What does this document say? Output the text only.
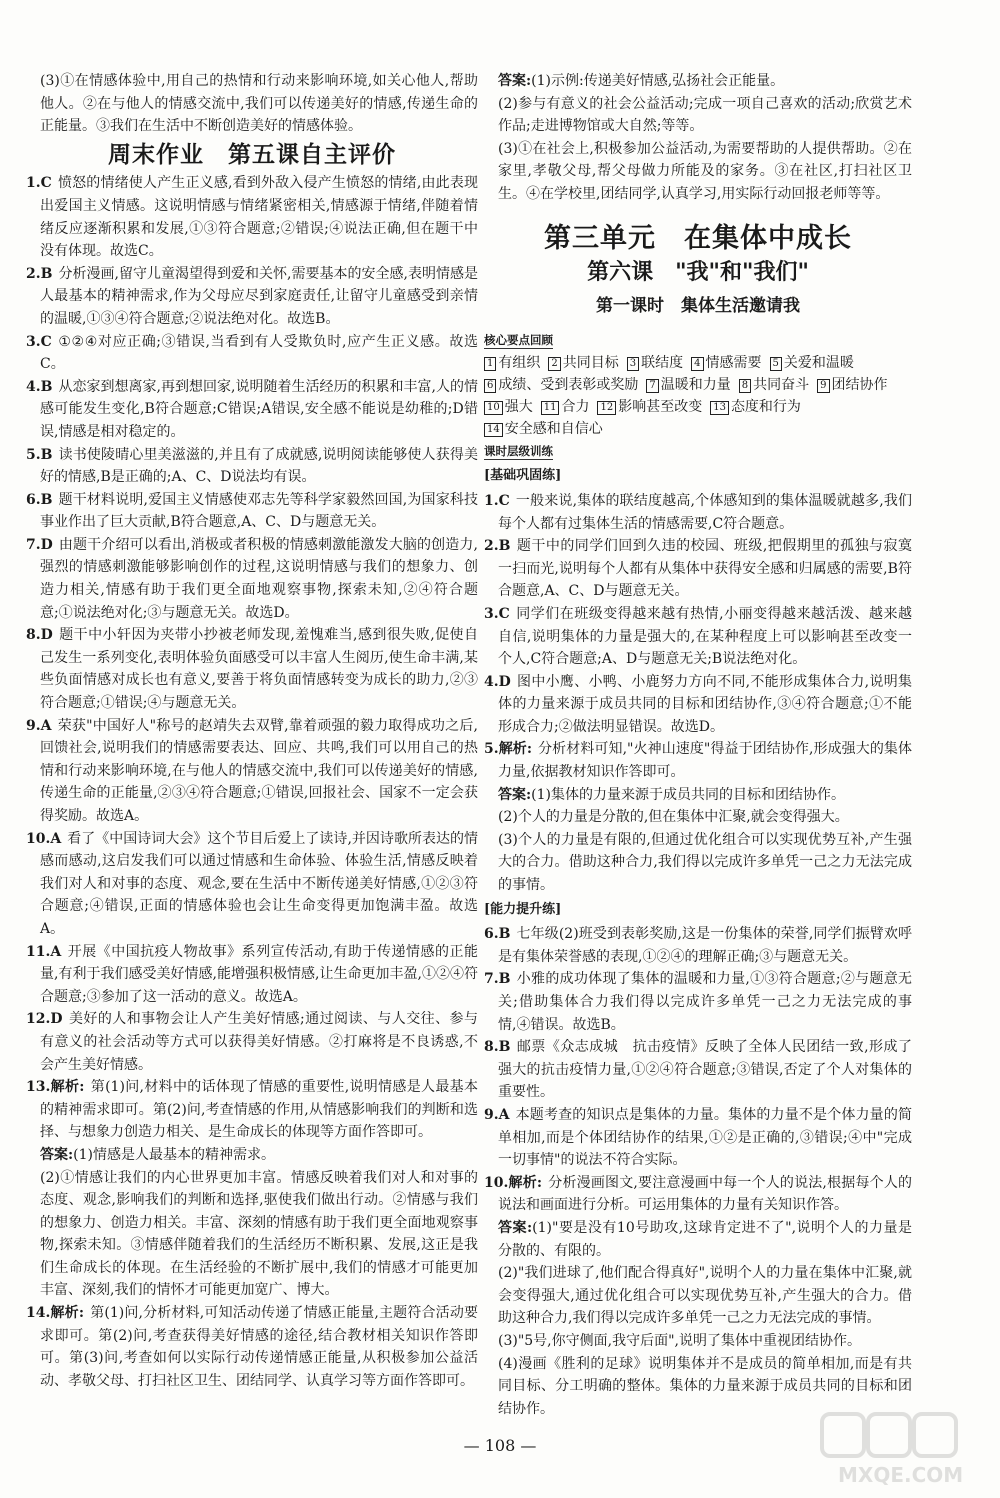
(3)①在情感体验中,用自己的热情和行动来影响环境,如关心他人,帮助他人。②在与他人的情感交流中,我们可以传递美好的情感,传递生命的正能量。③我们在生活中不断创造美好的情感体验。

周末作业　第五课自主评价

1.C 愤怒的情绪使人产生正义感,看到外敌入侵产生愤怒的情绪,由此表现出爱国主义情感。这说明情感与情绪紧密相关,情感源于情绪,伴随着情绪反应逐渐积累和发展,①③符合题意;②错误;④说法正确,但在题干中没有体现。故选C。

2.B 分析漫画,留守儿童渴望得到爱和关怀,需要基本的安全感,表明情感是人最基本的精神需求,作为父母应尽到家庭责任,让留守儿童感受到亲情的温暖,①③④符合题意;②说法绝对化。故选B。

3.C ①②④对应正确;③错误,当看到有人受欺负时,应产生正义感。故选C。

4.B 从恋家到想离家,再到想回家,说明随着生活经历的积累和丰富,人的情感可能发生变化,B符合题意;C错误;A错误,安全感不能说是幼稚的;D错误,情感是相对稳定的。

5.B 读书使陵晴心里美滋滋的,并且有了成就感,说明阅读能够使人获得美好的情感,B是正确的;A、C、D说法均有误。

6.B 题干材料说明,爱国主义情感使邓志先等科学家毅然回国,为国家科技事业作出了巨大贡献,B符合题意,A、C、D与题意无关。

7.D 由题干介绍可以看出,消极或者积极的情感刺激能激发大脑的创造力,强烈的情感刺激能够影响创作的过程,这说明情感与我们的想象力、创造力相关,情感有助于我们更全面地观察事物,探索未知,②④符合题意;①说法绝对化;③与题意无关。故选D。

8.D 题干中小轩因为夹带小抄被老师发现,羞愧难当,感到很失败,促使自己发生一系列变化,表明体验负面感受可以丰富人生阅历,使生命丰满,某些负面情感对成长也有意义,要善于将负面情感转变为成长的助力,②③符合题意;①错误;④与题意无关。

9.A 荣获"中国好人"称号的赵靖失去双臂,靠着顽强的毅力取得成功之后,回馈社会,说明我们的情感需要表达、回应、共鸣,我们可以用自己的热情和行动来影响环境,在与他人的情感交流中,我们可以传递美好的情感,传递生命的正能量,②③④符合题意;①错误,回报社会、国家不一定会获得奖励。故选A。

10.A 看了《中国诗词大会》这个节目后爱上了读诗,并因诗歌所表达的情感而感动,这启发我们可以通过情感和生命体验、体验生活,情感反映着我们对人和对事的态度、观念,要在生活中不断传递美好情感,①②③符合题意;④错误,正面的情感体验也会让生命变得更加饱满丰盈。故选A。

11.A 开展《中国抗疫人物故事》系列宣传活动,有助于传递情感的正能量,有利于我们感受美好情感,能增强积极情感,让生命更加丰盈,①②④符合题意;③参加了这一活动的意义。故选A。

12.D 美好的人和事物会让人产生美好情感;通过阅读、与人交往、参与有意义的社会活动等方式可以获得美好情感。②打麻将是不良诱惑,不会产生美好情感。

13.解析: 第(1)问,材料中的话体现了情感的重要性,说明情感是人最基本的精神需求即可。第(2)问,考查情感的作用,从情感影响我们的判断和选择、与想象力创造力相关、是生命成长的体现等方面作答即可。

答案:(1)情感是人最基本的精神需求。

(2)①情感让我们的内心世界更加丰富。情感反映着我们对人和对事的态度、观念,影响我们的判断和选择,驱使我们做出行动。②情感与我们的想象力、创造力相关。丰富、深刻的情感有助于我们更全面地观察事物,探索未知。③情感伴随着我们的生活经历不断积累、发展,这正是我们生命成长的体现。在生活经验的不断扩展中,我们的情感才可能更加丰富、深刻,我们的情怀才可能更加宽广、博大。

14.解析: 第(1)问,分析材料,可知活动传递了情感正能量,主题符合活动要求即可。第(2)问,考查获得美好情感的途径,结合教材相关知识作答即可。第(3)问,考查如何以实际行动传递情感正能量,从积极参加公益活动、孝敬父母、打扫社区卫生、团结同学、认真学习等方面作答即可。

答案:(1)示例:传递美好情感,弘扬社会正能量。

(2)参与有意义的社会公益活动;完成一项自己喜欢的活动;欣赏艺术作品;走进博物馆或大自然;等等。

(3)①在社会上,积极参加公益活动,为需要帮助的人提供帮助。②在家里,孝敬父母,帮父母做力所能及的家务。③在社区,打扫社区卫生。④在学校里,团结同学,认真学习,用实际行动回报老师等等。

第三单元　在集体中成长
第六课　"我"和"我们"
第一课时　集体生活邀请我
核心要点回顾
1 有组织	2 共同目标	3 联结度	4 情感需要	5 关爱和温暖
6 成绩、受到表彰或奖励	7 温暖和力量	8 共同奋斗	9 团结协作
10 强大	11 合力	12 影响甚至改变	13 态度和行为
14 安全感和自信心
课时层级训练
[基础巩固练]

1.C 一般来说,集体的联结度越高,个体感知到的集体温暖就越多,我们每个人都有过集体生活的情感需要,C符合题意。

2.B 题干中的同学们回到久违的校园、班级,把假期里的孤独与寂寞一扫而光,说明每个人都有从集体中获得安全感和归属感的需要,B符合题意,A、C、D与题意无关。

3.C 同学们在班级变得越来越有热情,小丽变得越来越活泼、越来越自信,说明集体的力量是强大的,在某种程度上可以影响甚至改变一个人,C符合题意;A、D与题意无关;B说法绝对化。

4.D 图中小鹰、小鸭、小鹿努力方向不同,不能形成集体合力,说明集体的力量来源于成员共同的目标和团结协作,③④符合题意;①不能形成合力;②做法明显错误。故选D。

5.解析: 分析材料可知,"火神山速度"得益于团结协作,形成强大的集体力量,依据教材知识作答即可。

答案:(1)集体的力量来源于成员共同的目标和团结协作。

(2)个人的力量是分散的,但在集体中汇聚,就会变得强大。

(3)个人的力量是有限的,但通过优化组合可以实现优势互补,产生强大的合力。借助这种合力,我们得以完成许多单凭一己之力无法完成的事情。

[能力提升练]

6.B 七年级(2)班受到表彰奖励,这是一份集体的荣誉,同学们振臂欢呼是有集体荣誉感的表现,①②④的理解正确;③与题意无关。

7.B 小雅的成功体现了集体的温暖和力量,①③符合题意;②与题意无关;借助集体合力我们得以完成许多单凭一己之力无法完成的事情,④错误。故选B。

8.B 邮票《众志成城　抗击疫情》反映了全体人民团结一致,形成了强大的抗击疫情力量,①②④符合题意;③错误,否定了个人对集体的重要性。

9.A 本题考查的知识点是集体的力量。集体的力量不是个体力量的简单相加,而是个体团结协作的结果,①②是正确的,③错误;④中"完成一切事情"的说法不符合实际。

10.解析: 分析漫画图文,要注意漫画中每一个人的说法,根据每个人的说法和画面进行分析。可运用集体的力量有关知识作答。

答案:(1)"要是没有10号助攻,这球肯定进不了",说明个人的力量是分散的、有限的。

(2)"我们进球了,他们配合得真好",说明个人的力量在集体中汇聚,就会变得强大,通过优化组合可以实现优势互补,产生强大的合力。借助这种合力,我们得以完成许多单凭一己之力无法完成的事情。

(3)"5号,你守侧面,我守后面",说明了集体中重视团结协作。

(4)漫画《胜利的足球》说明集体并不是成员的简单相加,而是有共同目标、分工明确的整体。集体的力量来源于成员共同的目标和团结协作。

— 108 —
MXQE.COM
